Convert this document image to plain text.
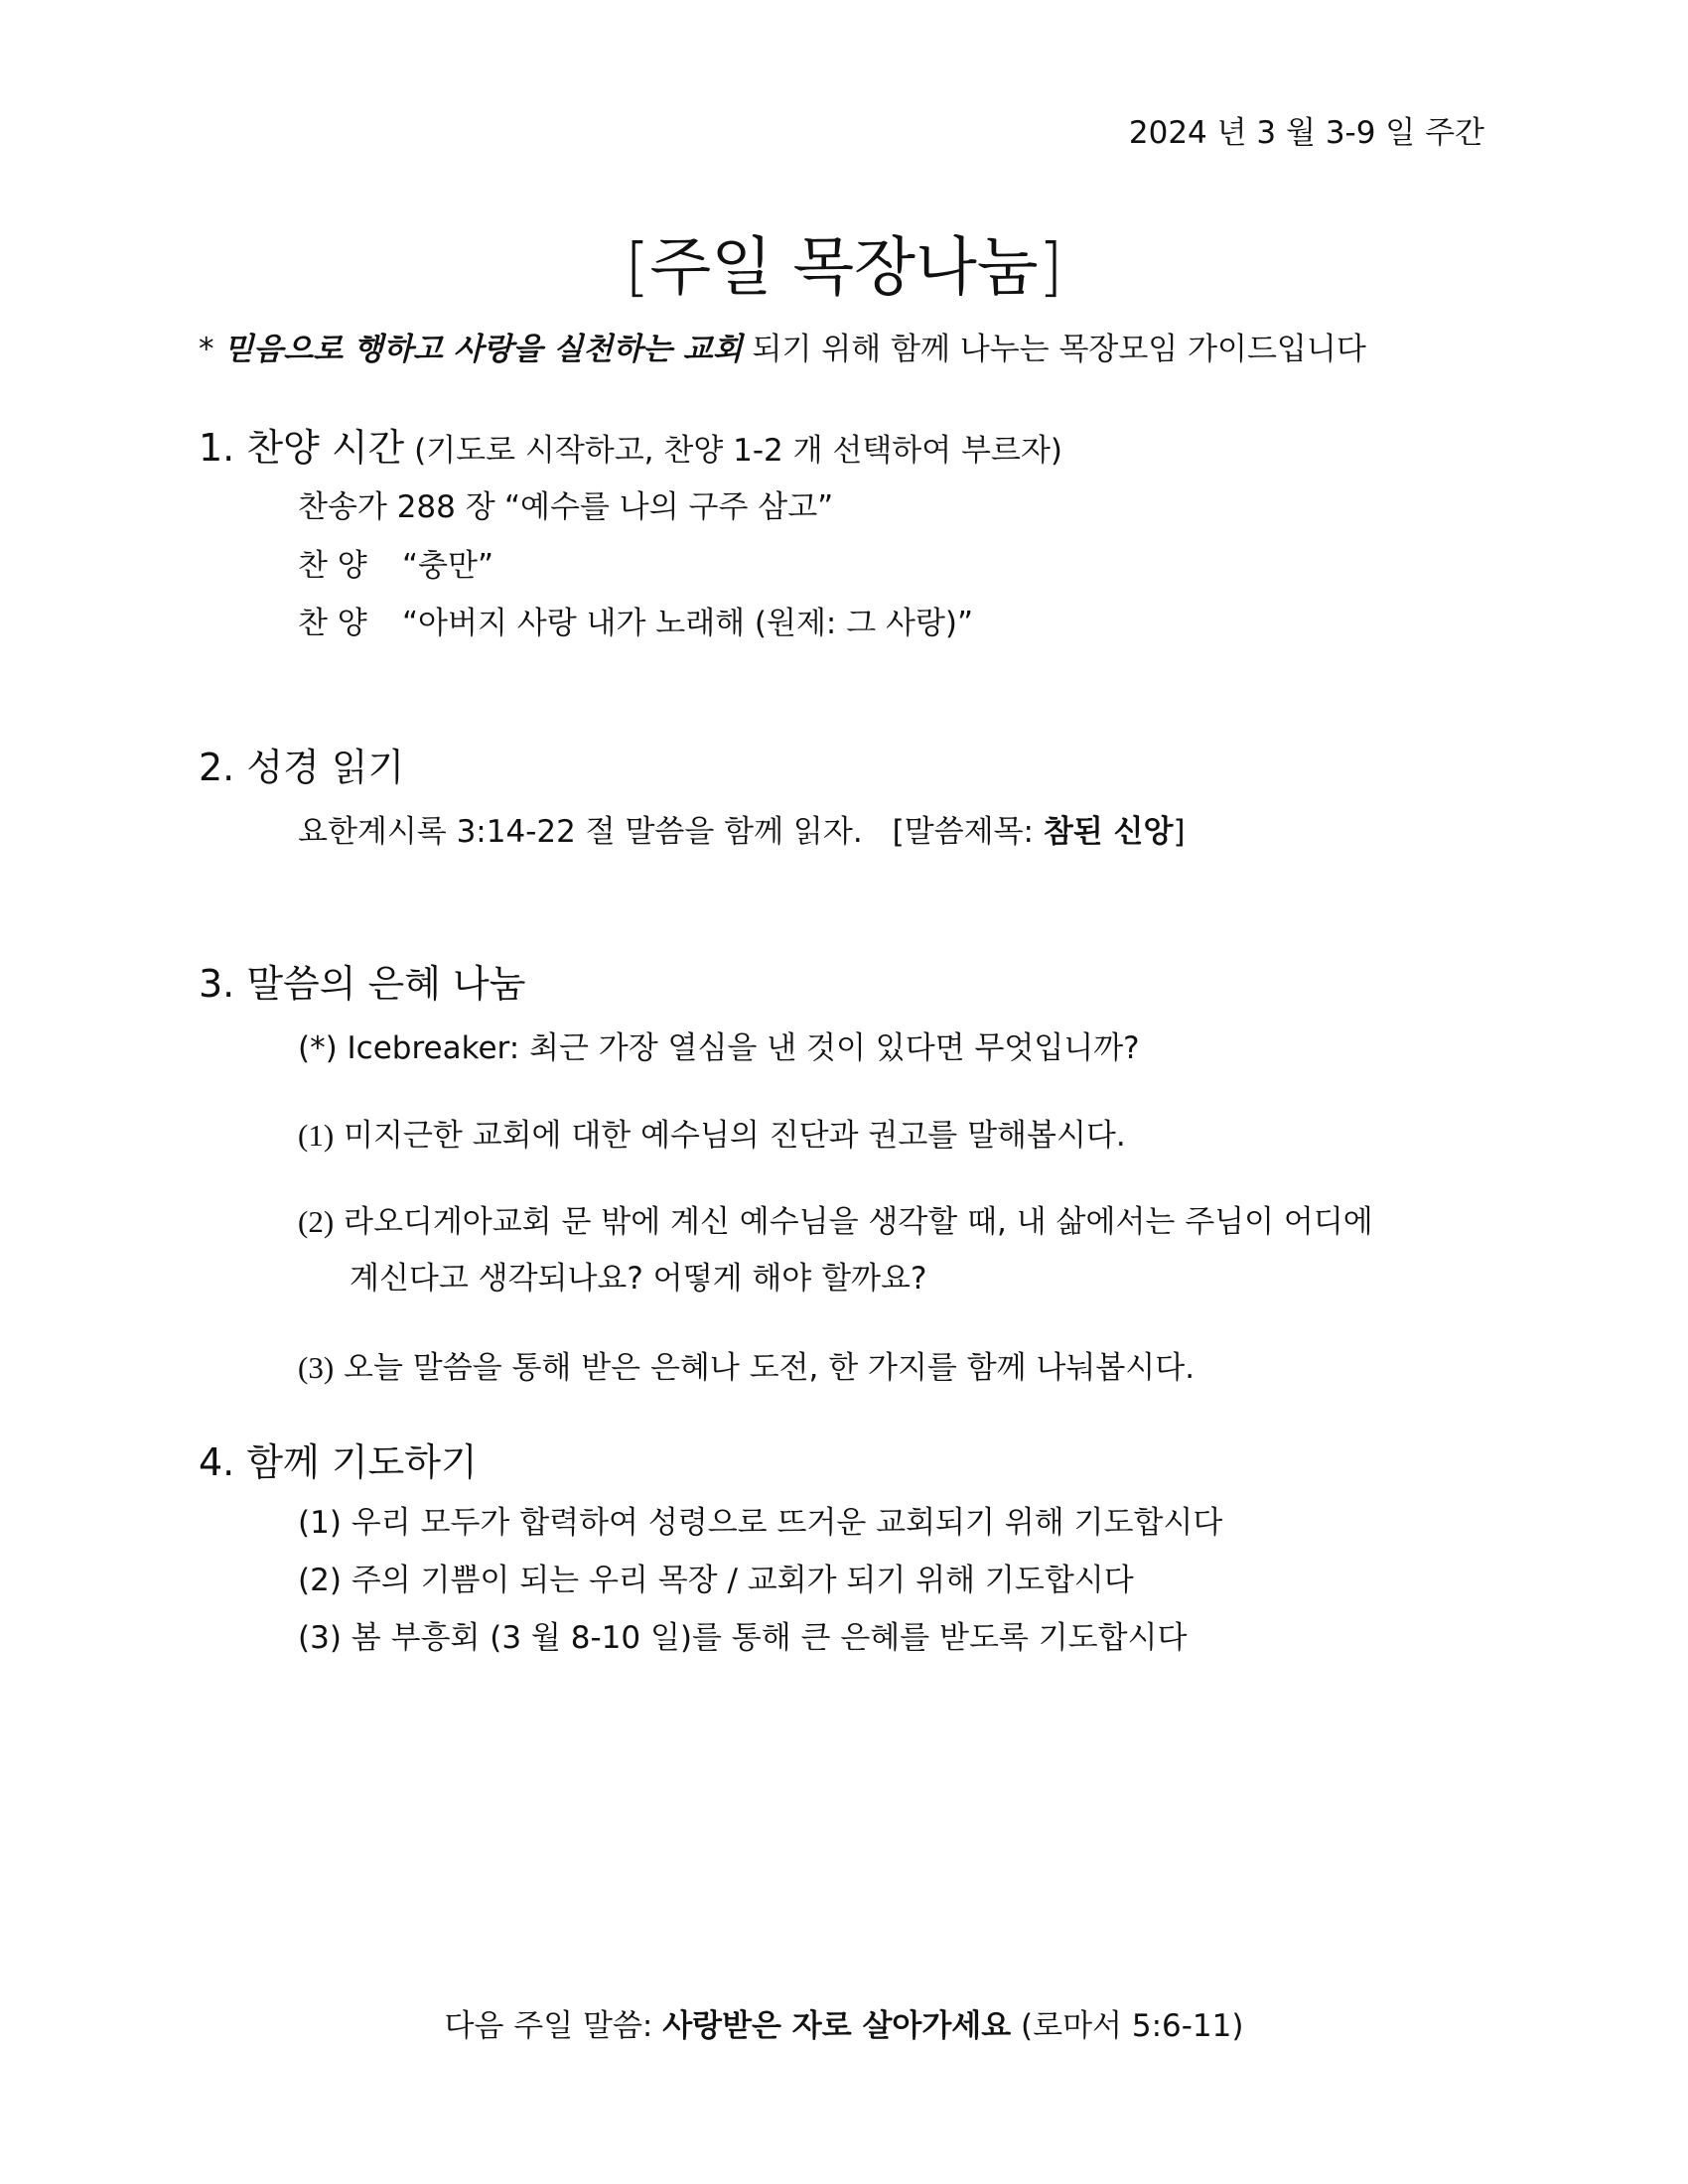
2024 년 3 월 3-9 일 주간
[주일 목장나눔]
* 믿음으로 행하고 사랑을 실천하는 교회 되기 위해 함께 나누는 목장모임 가이드입니다
1. 찬양 시간 (기도로 시작하고, 찬양 1-2 개 선택하여 부르자)
찬송가 288 장 “예수를 나의 구주 삼고”
찬 양 “충만”
찬 양 “아버지 사랑 내가 노래해 (원제: 그 사랑)”
2. 성경 읽기
요한계시록 3:14-22 절 말씀을 함께 읽자. [말씀제목: 참된 신앙]
3. 말씀의 은혜 나눔
(*) Icebreaker: 최근 가장 열심을 낸 것이 있다면 무엇입니까?
(1) 미지근한 교회에 대한 예수님의 진단과 권고를 말해봅시다.
(2) 라오디게아교회 문 밖에 계신 예수님을 생각할 때, 내 삶에서는 주님이 어디에
계신다고 생각되나요? 어떻게 해야 할까요?
(3) 오늘 말씀을 통해 받은 은혜나 도전, 한 가지를 함께 나눠봅시다.
4. 함께 기도하기
(1) 우리 모두가 합력하여 성령으로 뜨거운 교회되기 위해 기도합시다
(2) 주의 기쁨이 되는 우리 목장 / 교회가 되기 위해 기도합시다
(3) 봄 부흥회 (3 월 8-10 일)를 통해 큰 은혜를 받도록 기도합시다
다음 주일 말씀: 사랑받은 자로 살아가세요 (로마서 5:6-11)
